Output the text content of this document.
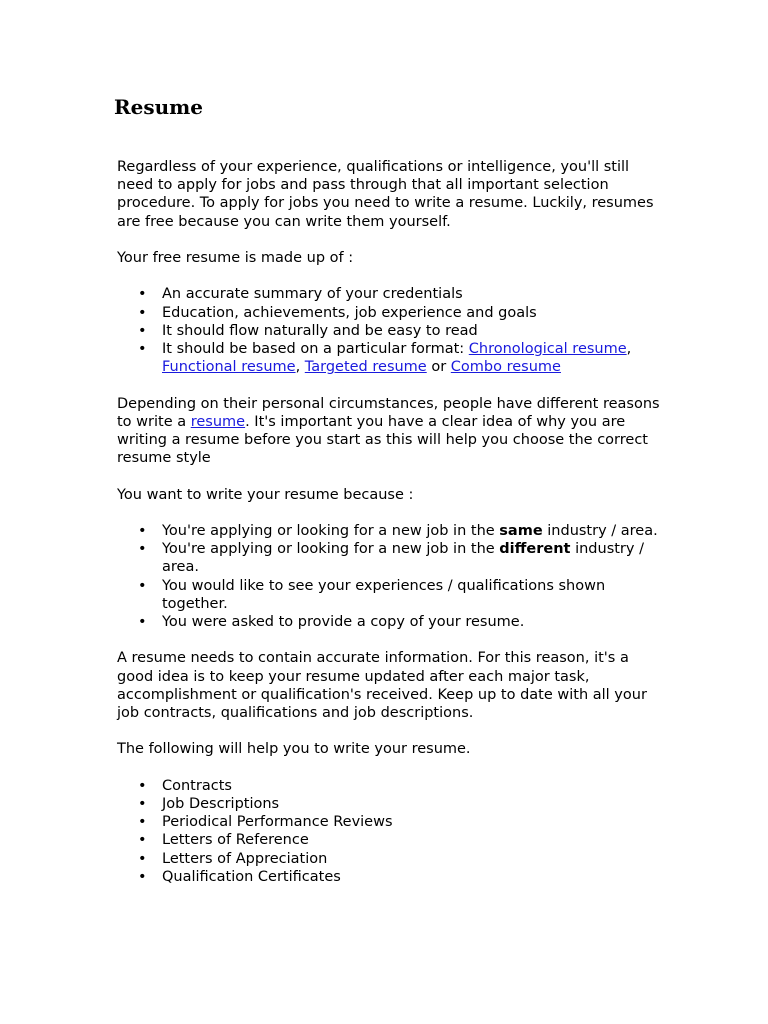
Resume

Regardless of your experience, qualifications or intelligence, you'll still need to apply for jobs and pass through that all important selection procedure. To apply for jobs you need to write a resume. Luckily, resumes are free because you can write them yourself.

Your free resume is made up of :

• An accurate summary of your credentials
• Education, achievements, job experience and goals
• It should flow naturally and be easy to read
• It should be based on a particular format: Chronological resume, Functional resume, Targeted resume or Combo resume

Depending on their personal circumstances, people have different reasons to write a resume. It's important you have a clear idea of why you are writing a resume before you start as this will help you choose the correct resume style

You want to write your resume because :

• You're applying or looking for a new job in the same industry / area.
• You're applying or looking for a new job in the different industry / area.
• You would like to see your experiences / qualifications shown together.
• You were asked to provide a copy of your resume.

A resume needs to contain accurate information. For this reason, it's a good idea is to keep your resume updated after each major task, accomplishment or qualification's received. Keep up to date with all your job contracts, qualifications and job descriptions.

The following will help you to write your resume.

• Contracts
• Job Descriptions
• Periodical Performance Reviews
• Letters of Reference
• Letters of Appreciation
• Qualification Certificates
